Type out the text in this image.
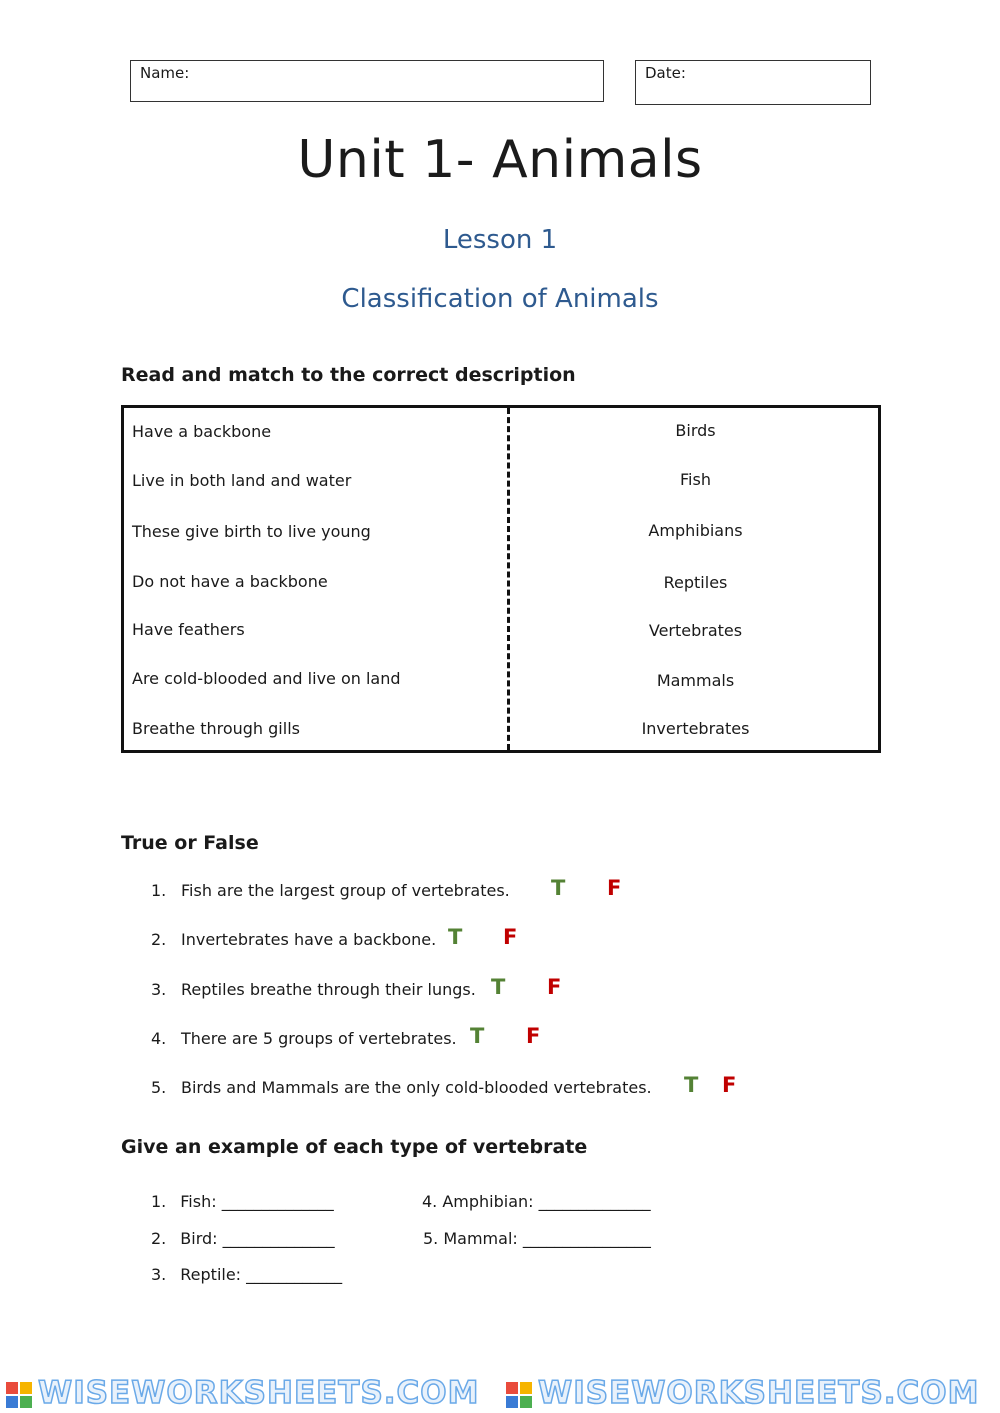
Name:	Date:
Unit 1- Animals
Lesson 1
Classification of Animals
Read and match to the correct description
Have a backbone
Live in both land and water
These give birth to live young
Do not have a backbone
Have feathers
Are cold-blooded and live on land
Breathe through gills
Birds
Fish
Amphibians
Reptiles
Vertebrates
Mammals
Invertebrates
True or False
1. Fish are the largest group of vertebrates. T F
2. Invertebrates have a backbone. T F
3. Reptiles breathe through their lungs. T F
4. There are 5 groups of vertebrates. T F
5. Birds and Mammals are the only cold-blooded vertebrates. T F
Give an example of each type of vertebrate
1. Fish: ______________
2. Bird: ______________
3. Reptile: ____________
4. Amphibian: ______________
5. Mammal: ________________
WISEWORKSHEETS.COM WISEWORKSHEETS.COM
